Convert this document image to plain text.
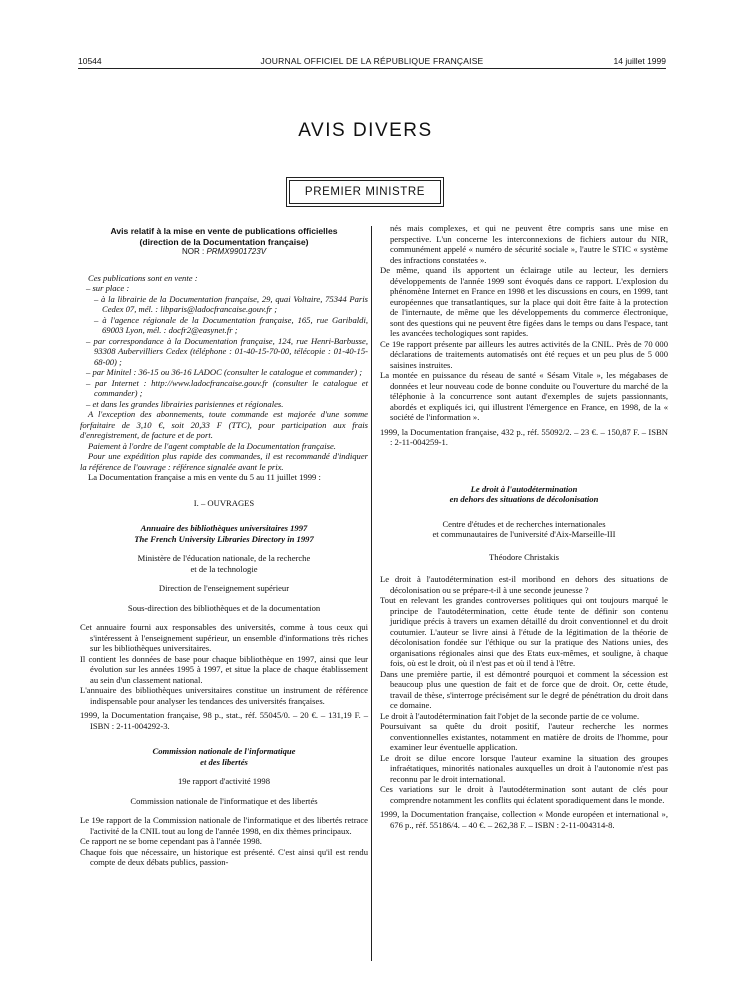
10544	JOURNAL OFFICIEL DE LA RÉPUBLIQUE FRANÇAISE	14 juillet 1999
AVIS DIVERS
PREMIER MINISTRE

Avis relatif à la mise en vente de publications officielles

(direction de la Documentation française)

NOR : PRMX9901723V

Ces publications sont en vente :

– sur place :

– à la librairie de la Documentation française, 29, quai Voltaire, 75344 Paris Cedex 07, mél. : libparis@ladocfrancaise.gouv.fr ;

– à l'agence régionale de la Documentation française, 165, rue Garibaldi, 69003 Lyon, mél. : docfr2@easynet.fr ;

– par correspondance à la Documentation française, 124, rue Henri-Barbusse, 93308 Aubervilliers Cedex (téléphone : 01-40-15-70-00, télécopie : 01-40-15-68-00) ;

– par Minitel : 36-15 ou 36-16 LADOC (consulter le catalogue et commander) ;

– par Internet : http://www.ladocfrancaise.gouv.fr (consulter le catalogue et commander) ;

– et dans les grandes librairies parisiennes et régionales.

A l'exception des abonnements, toute commande est majorée d'une somme forfaitaire de 3,10 €, soit 20,33 F (TTC), pour participation aux frais d'enregistrement, de facture et de port.

Paiement à l'ordre de l'agent comptable de la Documentation française.

Pour une expédition plus rapide des commandes, il est recommandé d'indiquer la référence de l'ouvrage : référence signalée avant le prix.

La Documentation française a mis en vente du 5 au 11 juillet 1999 :

I. – OUVRAGES

Annuaire des bibliothèques universitaires 1997

The French University Libraries Directory in 1997

Ministère de l'éducation nationale, de la recherche

et de la technologie

Direction de l'enseignement supérieur

Sous-direction des bibliothèques et de la documentation

Cet annuaire fourni aux responsables des universités, comme à tous ceux qui s'intéressent à l'enseignement supérieur, un ensemble d'informations très riches sur les bibliothèques universitaires.

Il contient les données de base pour chaque bibliothèque en 1997, ainsi que leur évolution sur les années 1995 à 1997, et situe la place de chaque établissement au sein d'un classement national.

L'annuaire des bibliothèques universitaires constitue un instrument de référence indispensable pour analyser les tendances des universités françaises.

1999, la Documentation française, 98 p., stat., réf. 55045/0. – 20 €. – 131,19 F. – ISBN : 2-11-004292-3.

Commission nationale de l'informatique

et des libertés

19e rapport d'activité 1998

Commission nationale de l'informatique et des libertés

Le 19e rapport de la Commission nationale de l'informatique et des libertés retrace l'activité de la CNIL tout au long de l'année 1998, en dix thèmes principaux.

Ce rapport ne se borne cependant pas à l'année 1998.

Chaque fois que nécessaire, un historique est présenté. C'est ainsi qu'il est rendu compte de deux débats publics, passion-

nés mais complexes, et qui ne peuvent être compris sans une mise en perspective. L'un concerne les interconnexions de fichiers autour du NIR, communément appelé « numéro de sécurité sociale », l'autre le STIC « système des infractions constatées ».

De même, quand ils apportent un éclairage utile au lecteur, les derniers développements de l'année 1999 sont évoqués dans ce rapport. L'explosion du phénomène Internet en France en 1998 et les discussions en cours, en 1999, tant européennes que transatlantiques, sur la place qui doit être faite à la protection de l'internaute, de même que les développements du commerce électronique, sont des questions qui ne peuvent être figées dans le temps ou dans l'espace, tant les avancées techologiques sont rapides.

Ce 19e rapport présente par ailleurs les autres activités de la CNIL. Près de 70 000 déclarations de traitements automatisés ont été reçues et un peu plus de 5 000 saisines instruites.

La montée en puissance du réseau de santé « Sésam Vitale », les mégabases de données et leur nouveau code de bonne conduite ou l'ouverture du marché de la téléphonie à la concurrence sont autant d'exemples de sujets passionnants, abordés et expliqués ici, qui illustrent l'émergence en France, en 1998, de la « société de l'information ».

1999, la Documentation française, 432 p., réf. 55092/2. – 23 €. – 150,87 F. – ISBN : 2-11-004259-1.

Le droit à l'autodétermination

en dehors des situations de décolonisation

Centre d'études et de recherches internationales

et communautaires de l'université d'Aix-Marseille-III

Théodore Christakis

Le droit à l'autodétermination est-il moribond en dehors des situations de décolonisation ou se prépare-t-il à une seconde jeunesse ?

Tout en relevant les grandes controverses politiques qui ont toujours marqué le principe de l'autodétermination, cette étude tente de définir son contenu juridique précis à travers un examen détaillé du droit conventionnel et du droit coutumier. L'auteur se livre ainsi à l'étude de la légitimation de la théorie de décolonisation fondée sur l'éthique ou sur la pratique des Nations unies, des organisations régionales ainsi que des Etats eux-mêmes, et souligne, à chaque fois, où est le droit, où il n'est pas et où il tend à l'être.

Dans une première partie, il est démontré pourquoi et comment la sécession est beaucoup plus une question de fait et de force que de droit. Or, cette étude, travail de thèse, s'interroge précisément sur le degré de pénétration du droit dans ce domaine.

Le droit à l'autodétermination fait l'objet de la seconde partie de ce volume.

Poursuivant sa quête du droit positif, l'auteur recherche les normes conventionnelles existantes, notamment en matière de droits de l'homme, pour examiner leur éventuelle application.

Le droit se dilue encore lorsque l'auteur examine la situation des groupes infraétatiques, minorités nationales auxquelles un droit à l'autonomie n'est pas reconnu par le droit international.

Ces variations sur le droit à l'autodétermination sont autant de clés pour comprendre notamment les conflits qui éclatent sporadiquement dans le monde.

1999, la Documentation française, collection « Monde européen et international », 676 p., réf. 55186/4. – 40 €. – 262,38 F. – ISBN : 2-11-004314-8.
